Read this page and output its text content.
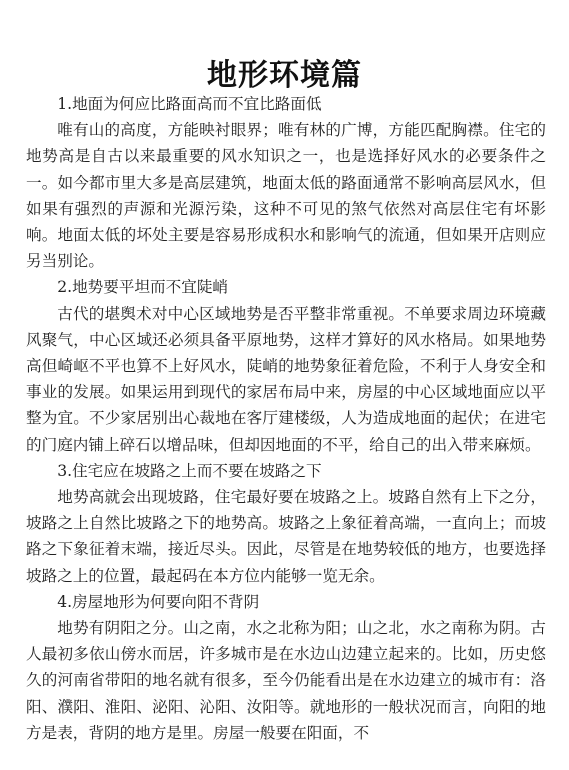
地形环境篇

1.地面为何应比路面高而不宜比路面低

唯有山的高度，方能映衬眼界；唯有林的广博，方能匹配胸襟。住宅的地势高是自古以来最重要的风水知识之一，也是选择好风水的必要条件之一。如今都市里大多是高层建筑，地面太低的路面通常不影响高层风水，但如果有强烈的声源和光源污染，这种不可见的煞气依然对高层住宅有坏影响。地面太低的坏处主要是容易形成积水和影响气的流通，但如果开店则应另当别论。

2.地势要平坦而不宜陡峭

古代的堪舆术对中心区域地势是否平整非常重视。不单要求周边环境藏风聚气，中心区域还必须具备平原地势，这样才算好的风水格局。如果地势高但崎岖不平也算不上好风水，陡峭的地势象征着危险，不利于人身安全和事业的发展。如果运用到现代的家居布局中来，房屋的中心区域地面应以平整为宜。不少家居别出心裁地在客厅建楼级，人为造成地面的起伏；在进宅的门庭内铺上碎石以增品味，但却因地面的不平，给自己的出入带来麻烦。

3.住宅应在坡路之上而不要在坡路之下

地势高就会出现坡路，住宅最好要在坡路之上。坡路自然有上下之分，坡路之上自然比坡路之下的地势高。坡路之上象征着高端，一直向上；而坡路之下象征着末端，接近尽头。因此，尽管是在地势较低的地方，也要选择坡路之上的位置，最起码在本方位内能够一览无余。

4.房屋地形为何要向阳不背阴

地势有阴阳之分。山之南，水之北称为阳；山之北，水之南称为阴。古人最初多依山傍水而居，许多城市是在水边山边建立起来的。比如，历史悠久的河南省带阳的地名就有很多，至今仍能看出是在水边建立的城市有：洛阳、濮阳、淮阳、泌阳、沁阳、汝阳等。就地形的一般状况而言，向阳的地方是表，背阴的地方是里。房屋一般要在阳面，不
